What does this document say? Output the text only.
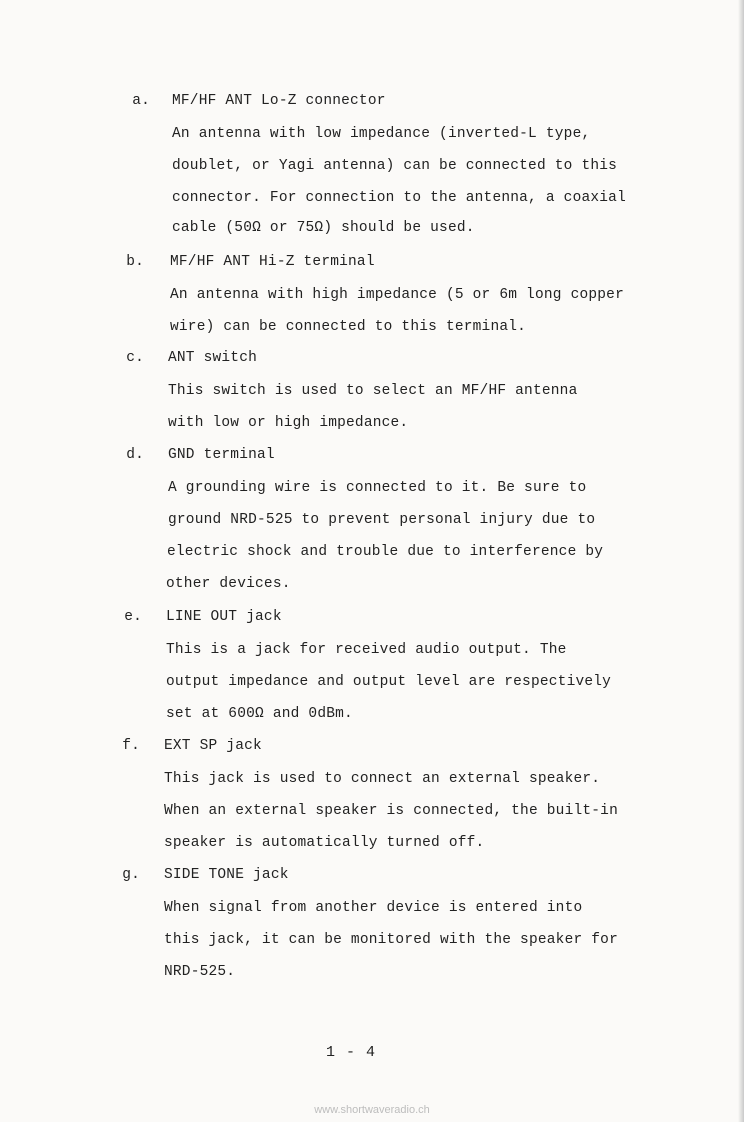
a. MF/HF ANT Lo-Z connector
An antenna with low impedance (inverted-L type,
doublet, or Yagi antenna) can be connected to this
connector. For connection to the antenna, a coaxial
cable (50Ω or 75Ω) should be used.
b. MF/HF ANT Hi-Z terminal
An antenna with high impedance (5 or 6m long copper
wire) can be connected to this terminal.
c. ANT switch
This switch is used to select an MF/HF antenna
with low or high impedance.
d. GND terminal
A grounding wire is connected to it. Be sure to
ground NRD-525 to prevent personal injury due to
electric shock and trouble due to interference by
other devices.
e. LINE OUT jack
This is a jack for received audio output. The
output impedance and output level are respectively
set at 600Ω and 0dBm.
f. EXT SP jack
This jack is used to connect an external speaker.
When an external speaker is connected, the built-in
speaker is automatically turned off.
g. SIDE TONE jack
When signal from another device is entered into
this jack, it can be monitored with the speaker for
NRD-525.
1 - 4
www.shortwaveradio.ch
